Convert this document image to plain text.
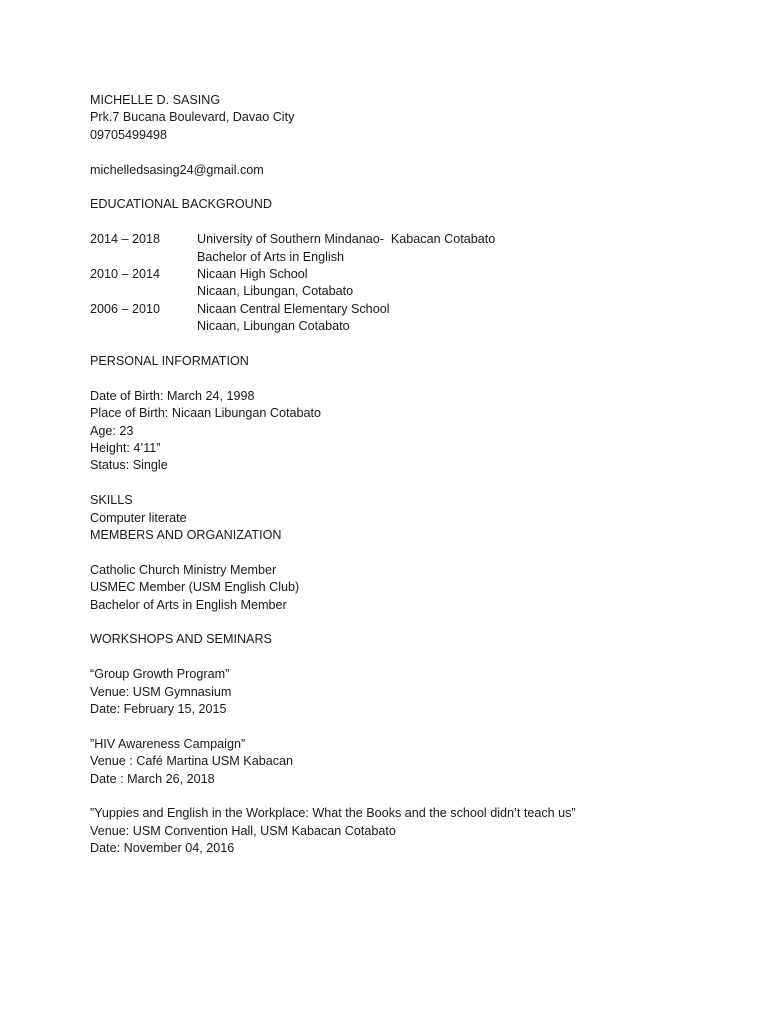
MICHELLE D. SASING
Prk.7 Bucana Boulevard, Davao City
09705499498
michelledsasing24@gmail.com
EDUCATIONAL BACKGROUND
2014 – 2018	University of Southern Mindanao-  Kabacan Cotabato
Bachelor of Arts in English
2010 – 2014	Nicaan High School
Nicaan, Libungan, Cotabato
2006 – 2010	Nicaan Central Elementary School
Nicaan, Libungan Cotabato
PERSONAL INFORMATION
Date of Birth: March 24, 1998
Place of Birth: Nicaan Libungan Cotabato
Age: 23
Height: 4’11”
Status: Single
SKILLS
Computer literate
MEMBERS AND ORGANIZATION
Catholic Church Ministry Member
USMEC Member (USM English Club)
Bachelor of Arts in English Member
WORKSHOPS AND SEMINARS
“Group Growth Program”
Venue: USM Gymnasium
Date: February 15, 2015
”HIV Awareness Campaign”
Venue : Café Martina USM Kabacan
Date : March 26, 2018
”Yuppies and English in the Workplace: What the Books and the school didn’t teach us”
Venue: USM Convention Hall, USM Kabacan Cotabato
Date: November 04, 2016
